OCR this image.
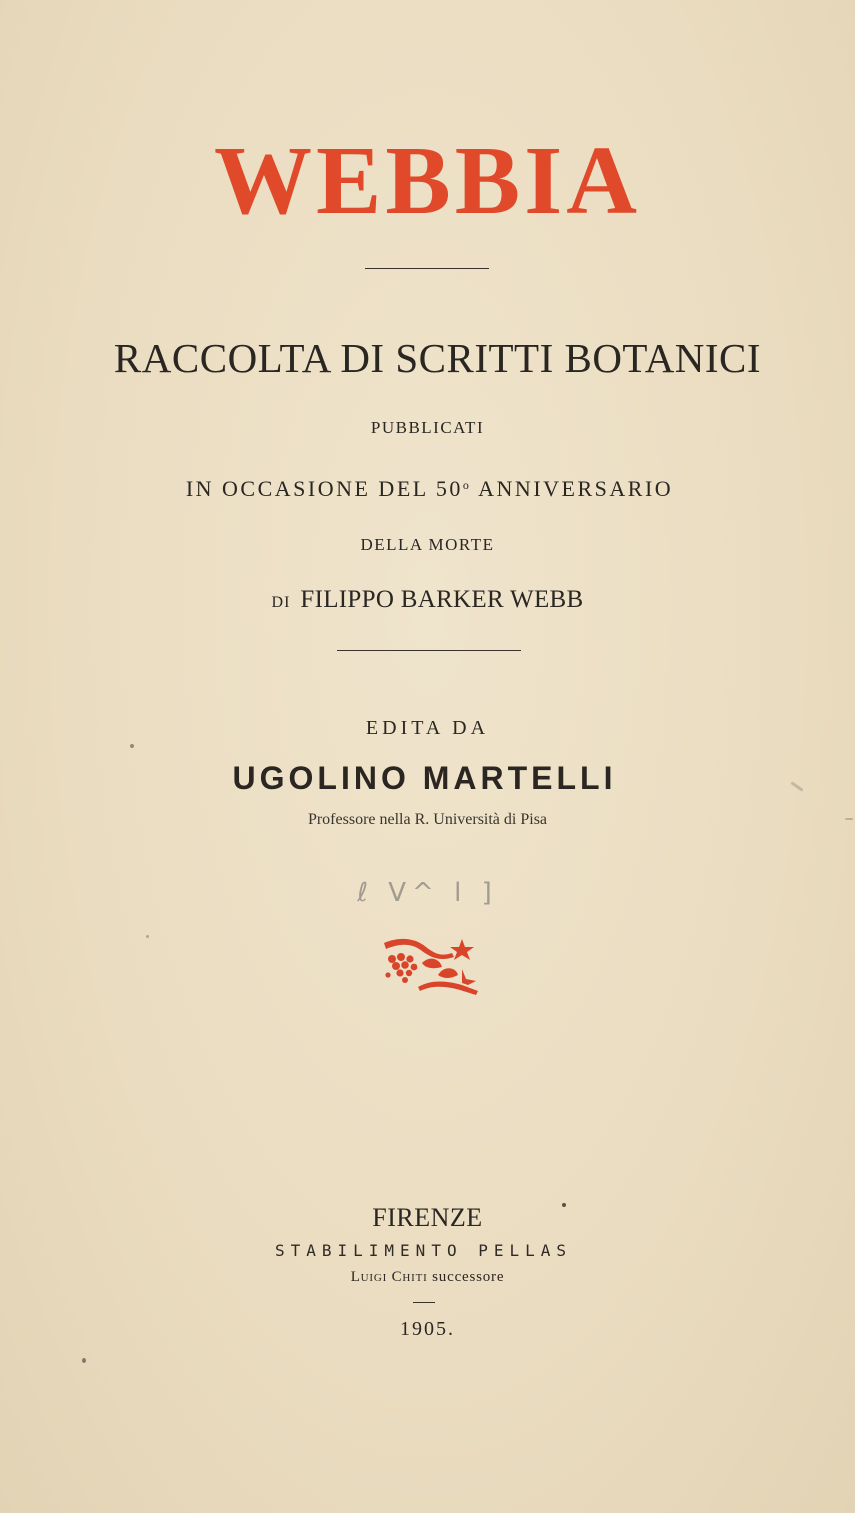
WEBBIA
RACCOLTA DI SCRITTI BOTANICI
PUBBLICATI
IN OCCASIONE DEL 50$^o$ ANNIVERSARIO
DELLA MORTE
DI FILIPPO BARKER WEBB
EDITA DA
UGOLINO MARTELLI
Professore nella R. Università di Pisa
ℓ V^ l ]
FIRENZE
STABILIMENTO PELLAS
Luigi Chiti successore
1905.
